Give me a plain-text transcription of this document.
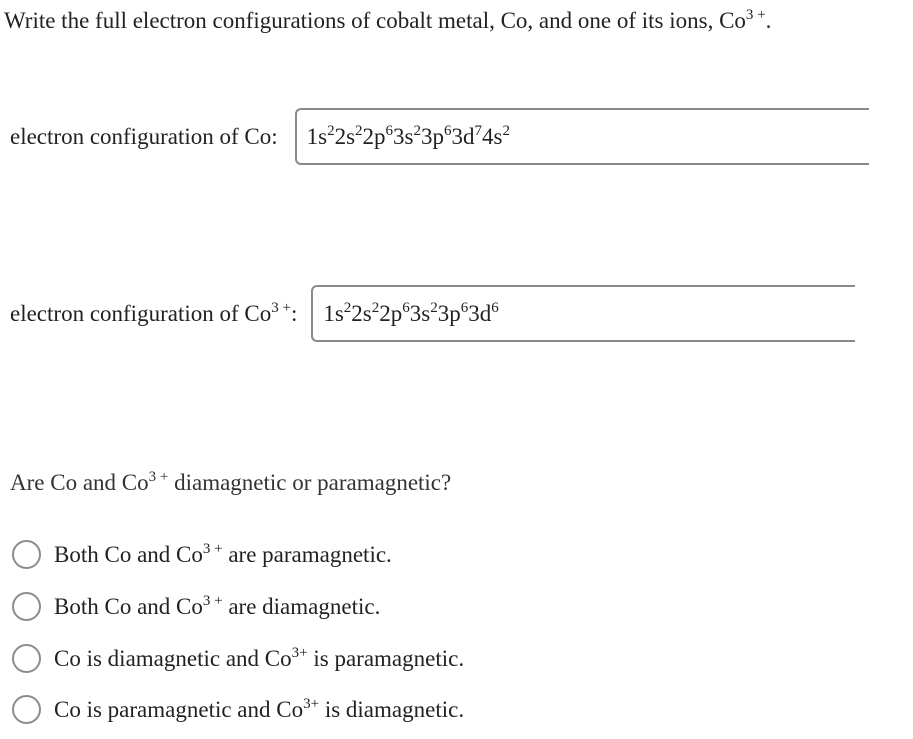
Write the full electron configurations of cobalt metal, Co, and one of its ions, $Co^{3 +}$.
electron configuration of Co: $1s^22s^22p^63s^23p^63d^74s^2$
electron configuration of $Co^{3 +}$: $1s^22s^22p^63s^23p^63d^6$
Are Co and $Co^{3 +}$ diamagnetic or paramagnetic?
Both Co and $Co^{3 +}$ are paramagnetic.
Both Co and $Co^{3 +}$ are diamagnetic.
Co is diamagnetic and $Co^{3+}$ is paramagnetic.
Co is paramagnetic and $Co^{3+}$ is diamagnetic.
